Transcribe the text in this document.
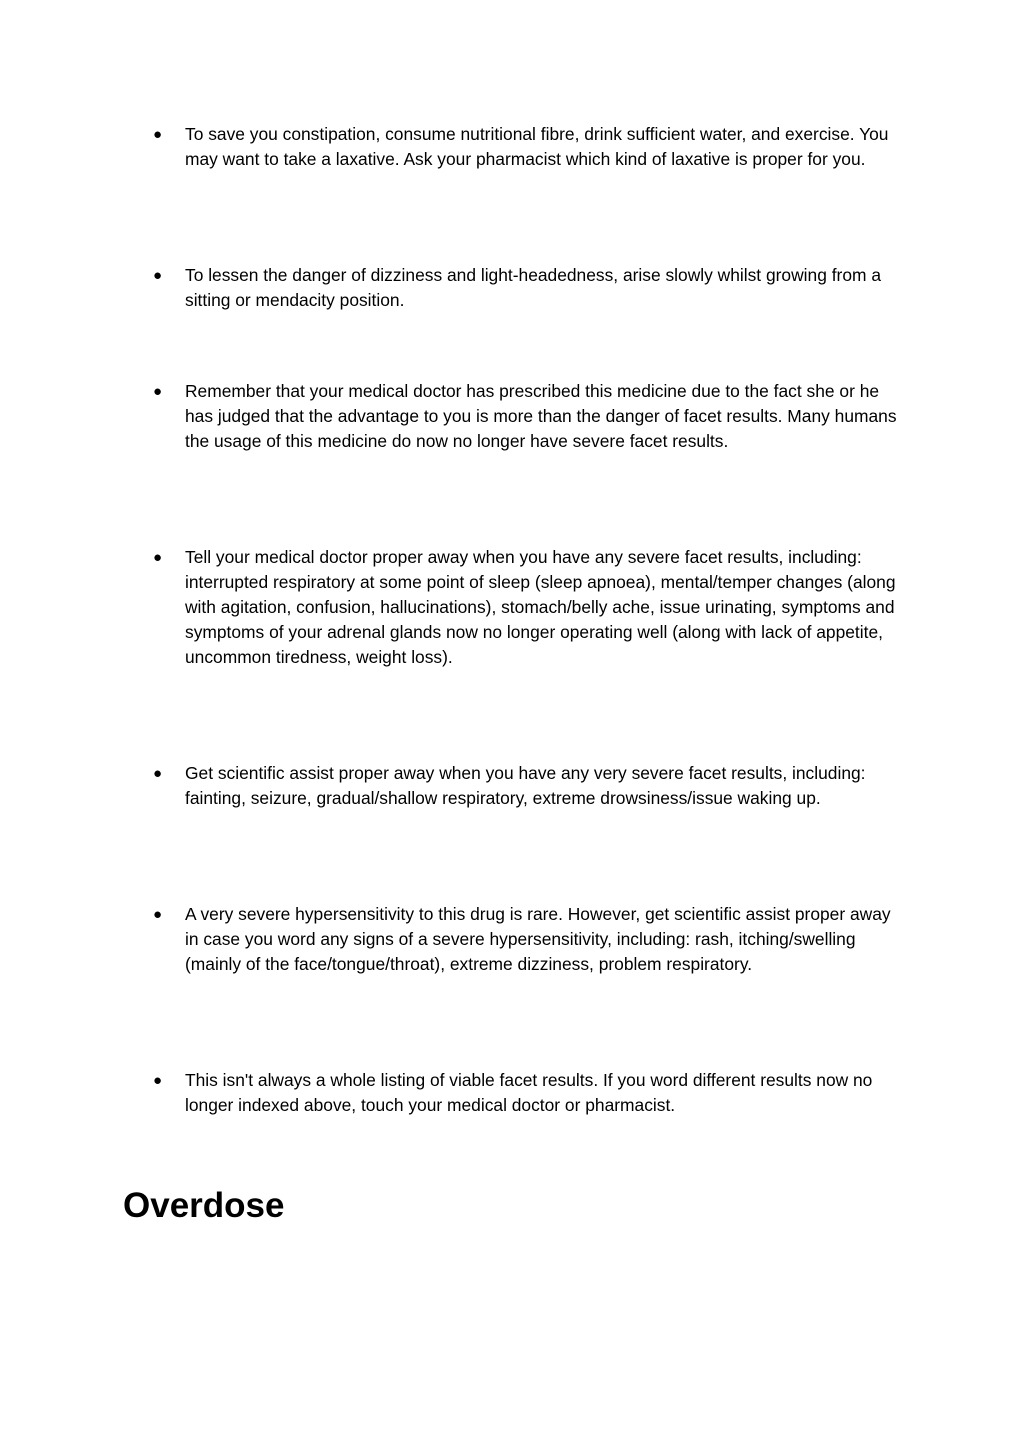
● To save you constipation, consume nutritional fibre, drink sufficient water, and exercise. You may want to take a laxative. Ask your pharmacist which kind of laxative is proper for you.

● To lessen the danger of dizziness and light-headedness, arise slowly whilst growing from a sitting or mendacity position.

● Remember that your medical doctor has prescribed this medicine due to the fact she or he has judged that the advantage to you is more than the danger of facet results. Many humans the usage of this medicine do now no longer have severe facet results.

● Tell your medical doctor proper away when you have any severe facet results, including: interrupted respiratory at some point of sleep (sleep apnoea), mental/temper changes (along with agitation, confusion, hallucinations), stomach/belly ache, issue urinating, symptoms and symptoms of your adrenal glands now no longer operating well (along with lack of appetite, uncommon tiredness, weight loss).

● Get scientific assist proper away when you have any very severe facet results, including: fainting, seizure, gradual/shallow respiratory, extreme drowsiness/issue waking up.

● A very severe hypersensitivity to this drug is rare. However, get scientific assist proper away in case you word any signs of a severe hypersensitivity, including: rash, itching/swelling (mainly of the face/tongue/throat), extreme dizziness, problem respiratory.

● This isn't always a whole listing of viable facet results. If you word different results now no longer indexed above, touch your medical doctor or pharmacist.

Overdose
